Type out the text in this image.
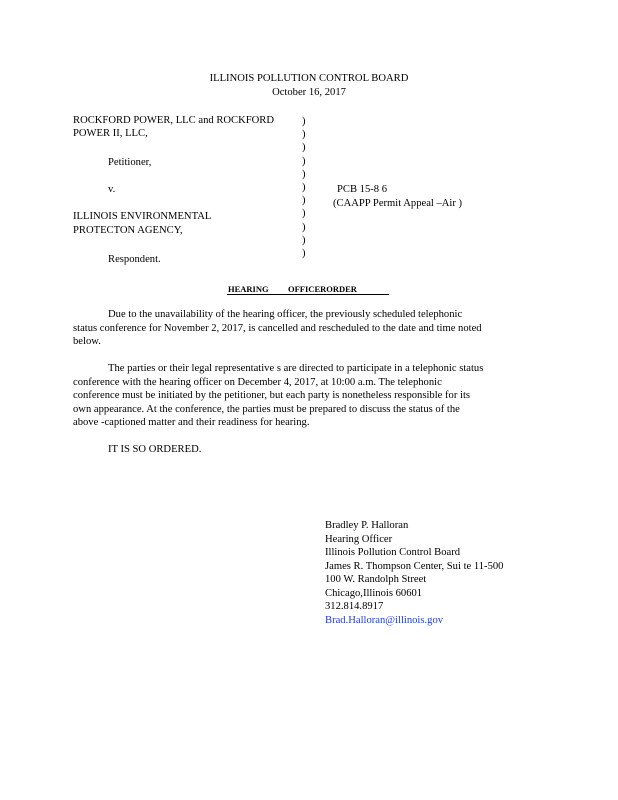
ILLINOIS POLLUTION CONTROL BOARD
October 16, 2017
ROCKFORD POWER, LLC and ROCKFORD
POWER II, LLC,
Petitioner,
v.
ILLINOIS ENVIRONMENTAL
PROTECTON AGENCY,
Respondent.
)
)
)
)
)
)
)
)
)
)
)
PCB 15-8 6
(CAAPP Permit Appeal –Air )
HEARING OFFICERORDER
Due to the unavailability of the hearing officer, the previously scheduled telephonic
status conference for November 2, 2017, is cancelled and rescheduled to the date and time noted
below.
The parties or their legal representative s are directed to participate in a telephonic status
conference with the hearing officer on December 4, 2017, at 10:00 a.m. The telephonic
conference must be initiated by the petitioner, but each party is nonetheless responsible for its
own appearance. At the conference, the parties must be prepared to discuss the status of the
above -captioned matter and their readiness for hearing.
IT IS SO ORDERED.
Bradley P. Halloran
Hearing Officer
Illinois Pollution Control Board
James R. Thompson Center, Sui te 11-500
100 W. Randolph Street
Chicago,Illinois 60601
312.814.8917
Brad.Halloran@illinois.gov
